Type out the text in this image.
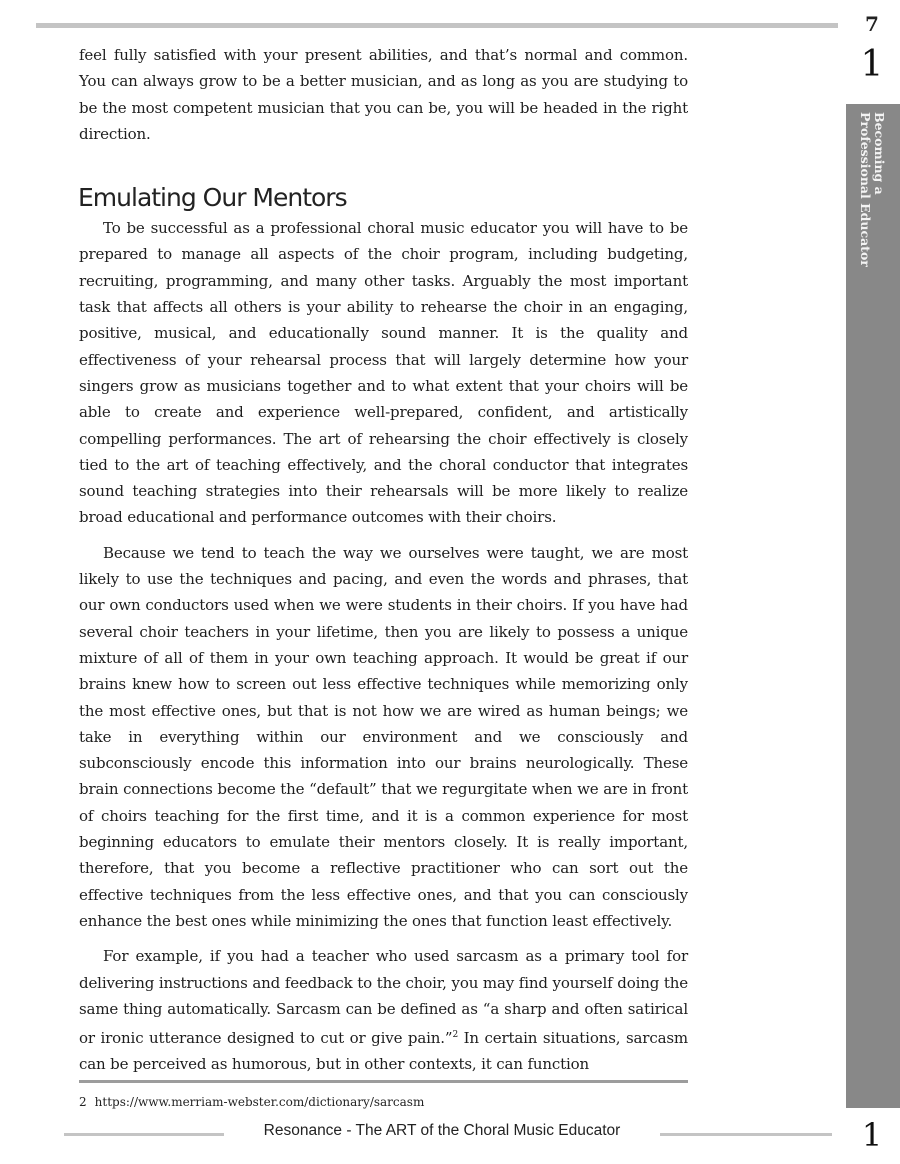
7
1
Becoming a
Professional Educator

feel fully satisfied with your present abilities, and that’s normal and common. You can always grow to be a better musician, and as long as you are studying to be the most competent musician that you can be, you will be headed in the right direction.

Emulating Our Mentors

To be successful as a professional choral music educator you will have to be prepared to manage all aspects of the choir program, including budgeting, recruiting, programming, and many other tasks. Arguably the most important task that affects all others is your ability to rehearse the choir in an engaging, positive, musical, and educationally sound manner. It is the quality and effectiveness of your rehearsal process that will largely determine how your singers grow as musicians together and to what extent that your choirs will be able to create and experience well-prepared, confident, and artistically compelling performances. The art of rehearsing the choir effectively is closely tied to the art of teaching effectively, and the choral conductor that integrates sound teaching strategies into their rehearsals will be more likely to realize broad educational and performance outcomes with their choirs.

Because we tend to teach the way we ourselves were taught, we are most likely to use the techniques and pacing, and even the words and phrases, that our own conductors used when we were students in their choirs. If you have had several choir teachers in your lifetime, then you are likely to possess a unique mixture of all of them in your own teaching approach. It would be great if our brains knew how to screen out less effective techniques while memorizing only the most effective ones, but that is not how we are wired as human beings; we take in everything within our environment and we consciously and subconsciously encode this information into our brains neurologically. These brain connections become the “default” that we regurgitate when we are in front of choirs teaching for the first time, and it is a common experience for most beginning educators to emulate their mentors closely. It is really important, therefore, that you become a reflective practitioner who can sort out the effective techniques from the less effective ones, and that you can consciously enhance the best ones while minimizing the ones that function least effectively.

For example, if you had a teacher who used sarcasm as a primary tool for delivering instructions and feedback to the choir, you may find yourself doing the same thing automatically. Sarcasm can be defined as “a sharp and often satirical or ironic utterance designed to cut or give pain.”$^2$ In certain situations, sarcasm can be perceived as humorous, but in other contexts, it can function

2 https://www.merriam-webster.com/dictionary/sarcasm
Resonance - The ART of the Choral Music Educator	1
